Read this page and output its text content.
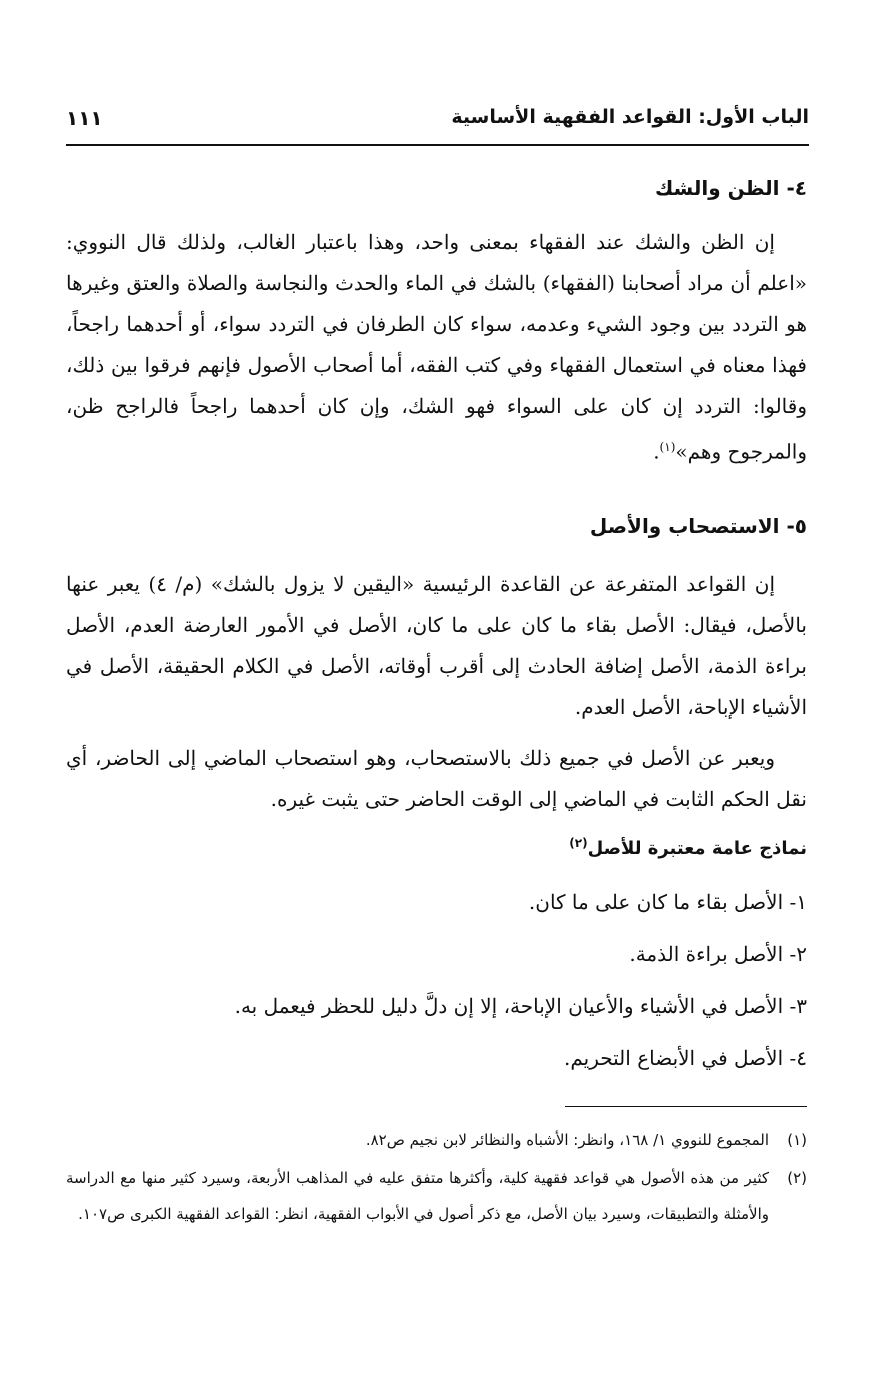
الباب الأول: القواعد الفقهية الأساسية
١١١
٤- الظن والشك

إن الظن والشك عند الفقهاء بمعنى واحد، وهذا باعتبار الغالب، ولذلك قال النووي: «اعلم أن مراد أصحابنا (الفقهاء) بالشك في الماء والحدث والنجاسة والصلاة والعتق وغيرها هو التردد بين وجود الشيء وعدمه، سواء كان الطرفان في التردد سواء، أو أحدهما راجحاً، فهذا معناه في استعمال الفقهاء وفي كتب الفقه، أما أصحاب الأصول فإنهم فرقوا بين ذلك، وقالوا: التردد إن كان على السواء فهو الشك، وإن كان أحدهما راجحاً فالراجح ظن، والمرجوح وهم»$^{(١)}$.

٥- الاستصحاب والأصل

إن القواعد المتفرعة عن القاعدة الرئيسية «اليقين لا يزول بالشك» (م/ ٤) يعبر عنها بالأصل، فيقال: الأصل بقاء ما كان على ما كان، الأصل في الأمور العارضة العدم، الأصل براءة الذمة، الأصل إضافة الحادث إلى أقرب أوقاته، الأصل في الكلام الحقيقة، الأصل في الأشياء الإباحة، الأصل العدم.

ويعبر عن الأصل في جميع ذلك بالاستصحاب، وهو استصحاب الماضي إلى الحاضر، أي نقل الحكم الثابت في الماضي إلى الوقت الحاضر حتى يثبت غيره.

نماذج عامة معتبرة للأصل$^{(٢)}$
١- الأصل بقاء ما كان على ما كان.
٢- الأصل براءة الذمة.
٣- الأصل في الأشياء والأعيان الإباحة، إلا إن دلَّ دليل للحظر فيعمل به.
٤- الأصل في الأبضاع التحريم.
(١)
المجموع للنووي ١/ ١٦٨، وانظر: الأشباه والنظائر لابن نجيم ص٨٢.
(٢)
كثير من هذه الأصول هي قواعد فقهية كلية، وأكثرها متفق عليه في المذاهب الأربعة، وسيرد كثير منها مع الدراسة والأمثلة والتطبيقات، وسيرد بيان الأصل، مع ذكر أصول في الأبواب الفقهية، انظر: القواعد الفقهية الكبرى ص١٠٧.
